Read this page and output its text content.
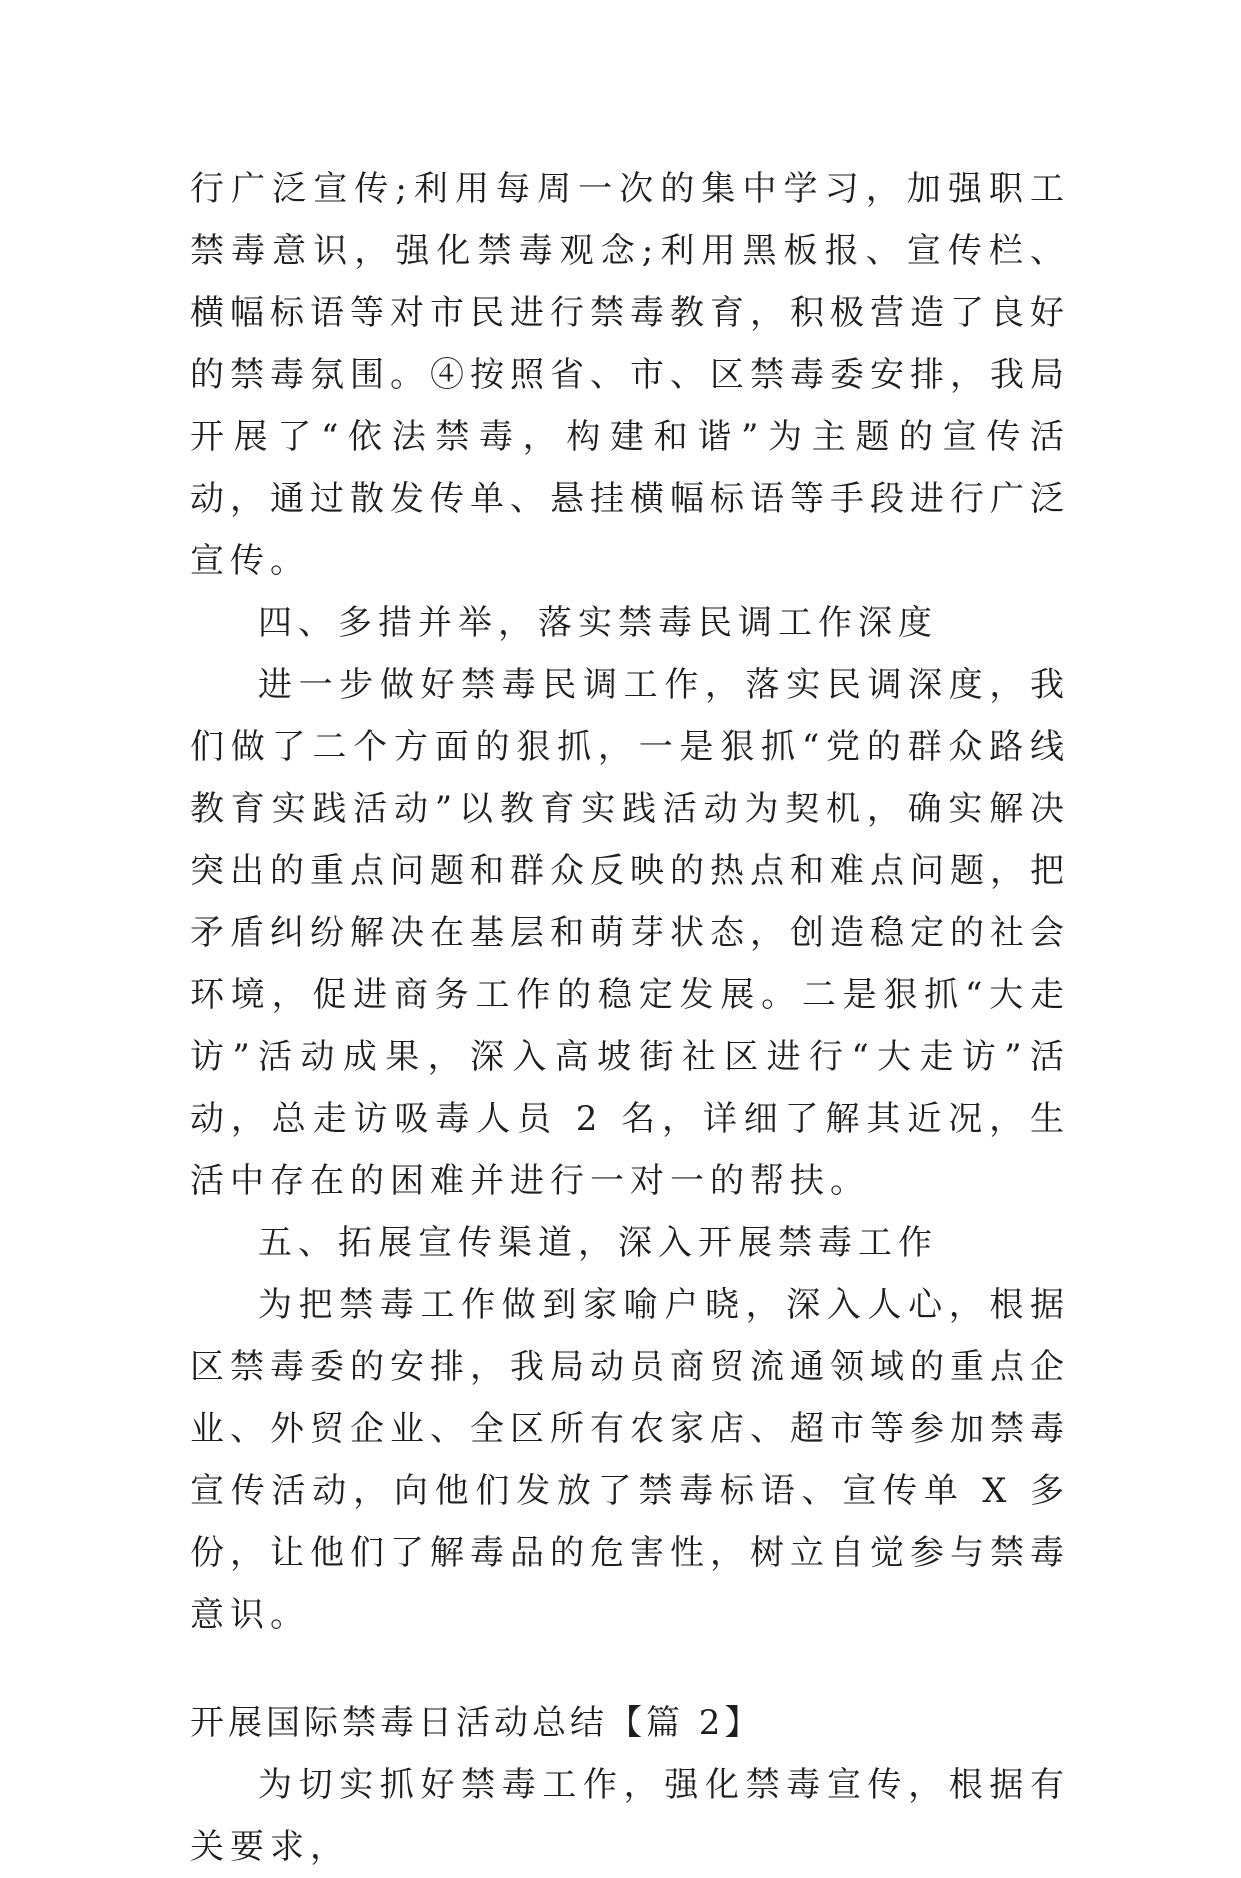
行广泛宣传;利用每周一次的集中学习，加强职工禁毒意识，强化禁毒观念;利用黑板报、宣传栏、横幅标语等对市民进行禁毒教育，积极营造了良好的禁毒氛围。④按照省、市、区禁毒委安排，我局开展了“依法禁毒，构建和谐”为主题的宣传活动，通过散发传单、悬挂横幅标语等手段进行广泛宣传。

四、多措并举，落实禁毒民调工作深度

进一步做好禁毒民调工作，落实民调深度，我们做了二个方面的狠抓，一是狠抓“党的群众路线教育实践活动”以教育实践活动为契机，确实解决突出的重点问题和群众反映的热点和难点问题，把矛盾纠纷解决在基层和萌芽状态，创造稳定的社会环境，促进商务工作的稳定发展。二是狠抓“大走访”活动成果，深入高坡街社区进行“大走访”活动，总走访吸毒人员 2 名，详细了解其近况，生活中存在的困难并进行一对一的帮扶。

五、拓展宣传渠道，深入开展禁毒工作

为把禁毒工作做到家喻户晓，深入人心，根据区禁毒委的安排，我局动员商贸流通领域的重点企业、外贸企业、全区所有农家店、超市等参加禁毒宣传活动，向他们发放了禁毒标语、宣传单 X 多份，让他们了解毒品的危害性，树立自觉参与禁毒意识。

开展国际禁毒日活动总结【篇 2】

为切实抓好禁毒工作，强化禁毒宣传，根据有关要求，
